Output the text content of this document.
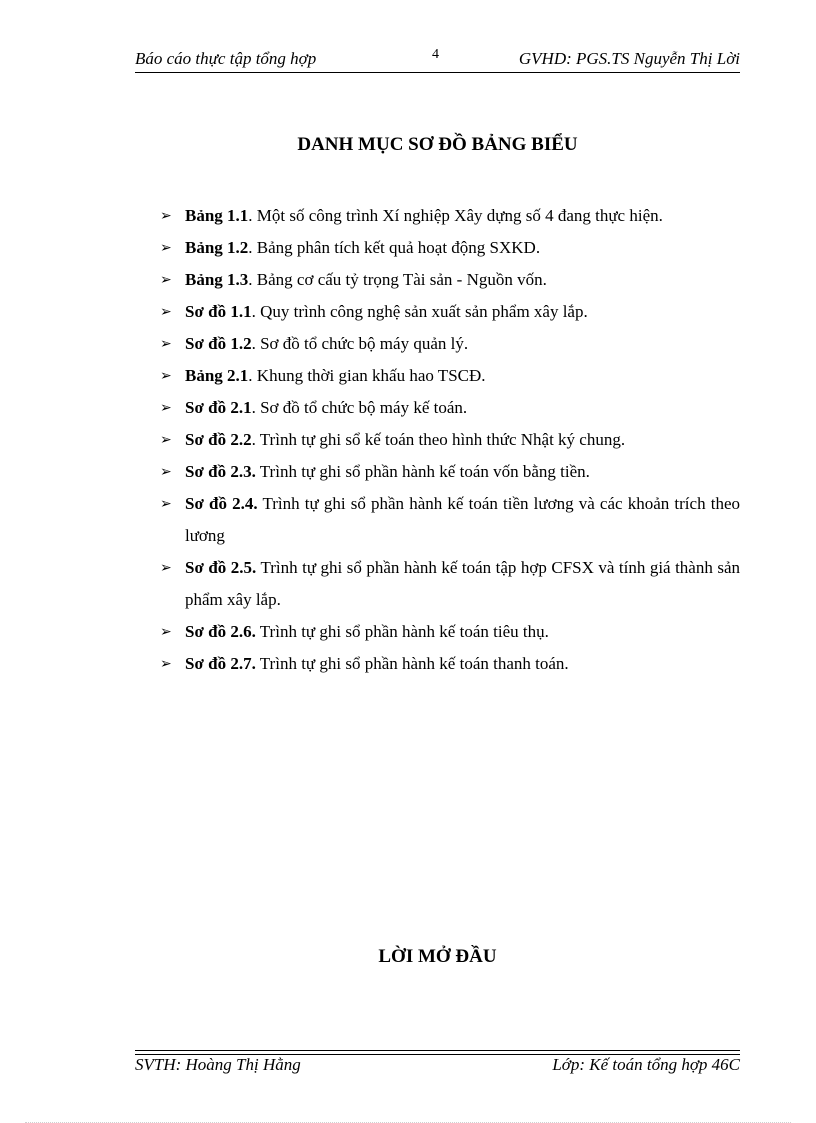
Báo cáo thực tập tổng hợp	4	GVHD: PGS.TS Nguyễn Thị Lời
DANH MỤC SƠ ĐỒ BẢNG BIỂU
➢ Bảng 1.1. Một số công trình Xí nghiệp Xây dựng số 4 đang thực hiện.
➢ Bảng 1.2. Bảng phân tích kết quả hoạt động SXKD.
➢ Bảng 1.3. Bảng cơ cấu tỷ trọng Tài sản - Nguồn vốn.
➢ Sơ đồ 1.1. Quy trình công nghệ sản xuất sản phẩm xây lắp.
➢ Sơ đồ 1.2. Sơ đồ tổ chức bộ máy quản lý.
➢ Bảng 2.1. Khung thời gian khấu hao TSCĐ.
➢ Sơ đồ 2.1. Sơ đồ tổ chức bộ máy kế toán.
➢ Sơ đồ 2.2. Trình tự ghi sổ kế toán theo hình thức Nhật ký chung.
➢ Sơ đồ 2.3. Trình tự ghi sổ phần hành kế toán vốn bằng tiền.
➢ Sơ đồ 2.4. Trình tự ghi sổ phần hành kế toán tiền lương và các khoản trích theo lương
➢ Sơ đồ 2.5. Trình tự ghi sổ phần hành kế toán tập hợp CFSX và tính giá thành sản phẩm xây lắp.
➢ Sơ đồ 2.6. Trình tự ghi sổ phần hành kế toán tiêu thụ.
➢ Sơ đồ 2.7. Trình tự ghi sổ phần hành kế toán thanh toán.
LỜI MỞ ĐẦU
SVTH: Hoàng Thị Hằng	Lớp: Kế toán tổng hợp 46C
